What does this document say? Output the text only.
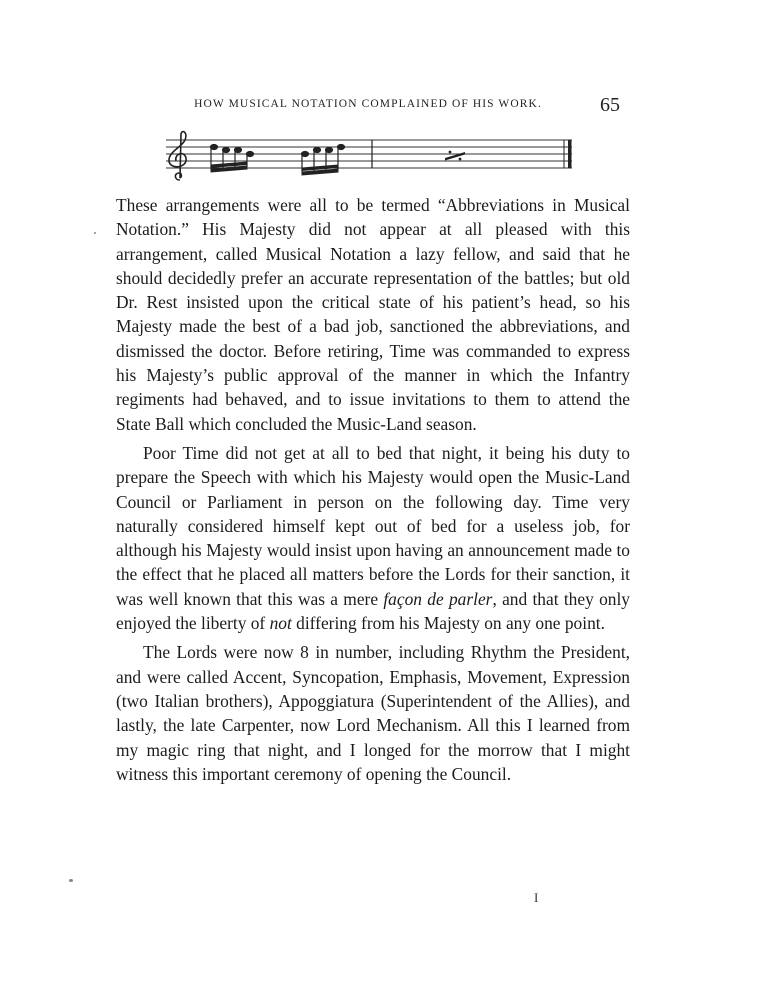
HOW MUSICAL NOTATION COMPLAINED OF HIS WORK.	65

These arrangements were all to be termed “Abbreviations in Musical Notation.” His Majesty did not appear at all pleased with this arrangement, called Musical Notation a lazy fellow, and said that he should decidedly prefer an accurate representation of the battles; but old Dr. Rest insisted upon the critical state of his patient’s head, so his Majesty made the best of a bad job, sanctioned the abbreviations, and dismissed the doctor. Before retiring, Time was commanded to express his Majesty’s public approval of the manner in which the Infantry regiments had behaved, and to issue invitations to them to attend the State Ball which concluded the Music-Land season.

Poor Time did not get at all to bed that night, it being his duty to prepare the Speech with which his Majesty would open the Music-Land Council or Parliament in person on the following day. Time very naturally considered himself kept out of bed for a useless job, for although his Majesty would insist upon having an announcement made to the effect that he placed all matters before the Lords for their sanction, it was well known that this was a mere façon de parler, and that they only enjoyed the liberty of not differing from his Majesty on any one point.

The Lords were now 8 in number, including Rhythm the President, and were called Accent, Syncopation, Emphasis, Movement, Expression (two Italian brothers), Appoggiatura (Superintendent of the Allies), and lastly, the late Carpenter, now Lord Mechanism. All this I learned from my magic ring that night, and I longed for the morrow that I might witness this important ceremony of opening the Council.

I
